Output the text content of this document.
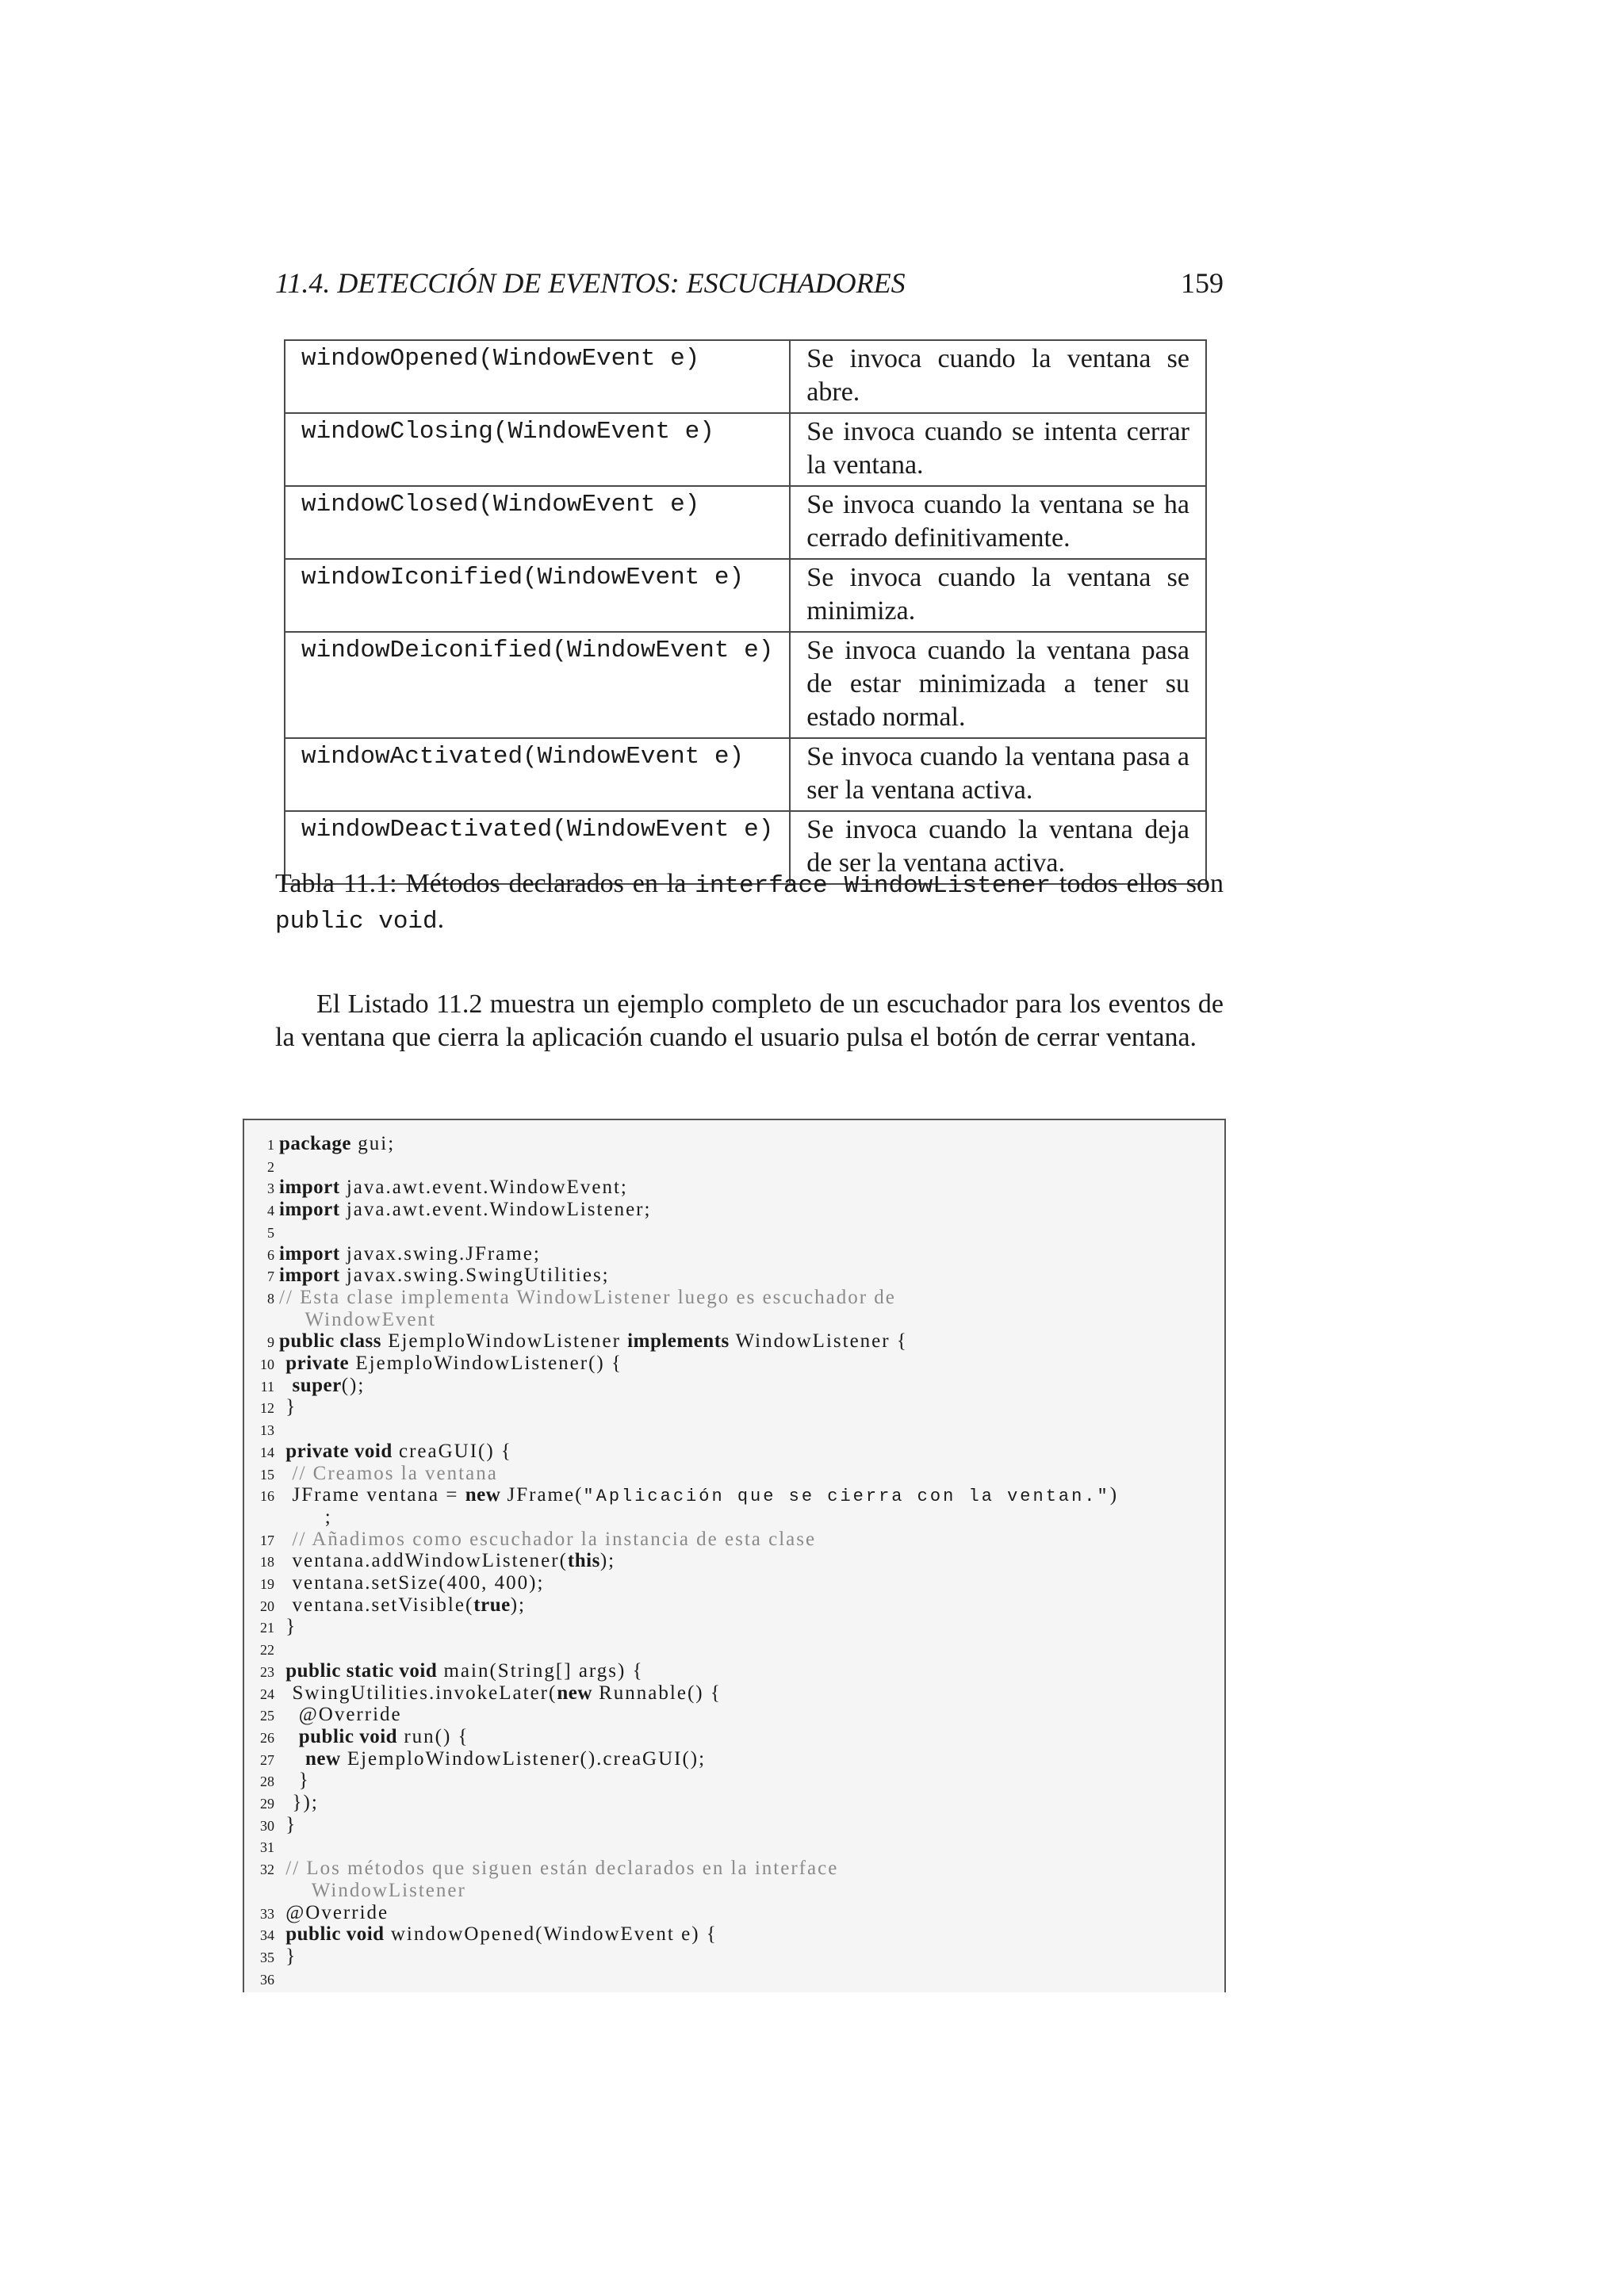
11.4. DETECCIÓN DE EVENTOS: ESCUCHADORES	159
windowOpened(WindowEvent e)	Se invoca cuando la ventana se abre.
windowClosing(WindowEvent e)	Se invoca cuando se intenta cerrar la ventana.
windowClosed(WindowEvent e)	Se invoca cuando la ventana se ha cerrado definitivamente.
windowIconified(WindowEvent e)	Se invoca cuando la ventana se minimiza.
windowDeiconified(WindowEvent e)	Se invoca cuando la ventana pasa de estar minimizada a tener su estado normal.
windowActivated(WindowEvent e)	Se invoca cuando la ventana pasa a ser la ventana activa.
windowDeactivated(WindowEvent e)	Se invoca cuando la ventana deja de ser la ventana activa.
Tabla 11.1: Métodos declarados en la interface WindowListener todos ellos son public void.
El Listado 11.2 muestra un ejemplo completo de un escuchador para los eventos de la ventana que cierra la aplicación cuando el usuario pulsa el botón de cerrar ventana.
1 package gui;
2
3 import java.awt.event.WindowEvent;
4 import java.awt.event.WindowListener;
5
6 import javax.swing.JFrame;
7 import javax.swing.SwingUtilities;
8 // Esta clase implementa WindowListener luego es escuchador de
WindowEvent
9 public class EjemploWindowListener implements WindowListener {
10 private EjemploWindowListener() {
11 super();
12 }
13
14 private void creaGUI() {
15 // Creamos la ventana
16  JFrame ventana = new JFrame("Aplicación que se cierra con la ventan.")
;
17 // Añadimos como escuchador la instancia de esta clase
18  ventana.addWindowListener(this);
19  ventana.setSize(400, 400);
20  ventana.setVisible(true);
21 }
22
23 public static void main(String[] args) {
24  SwingUtilities.invokeLater(new Runnable() {
25   @Override
26 public void run() {
27 new EjemploWindowListener().creaGUI();
28   }
29  });
30 }
31
32 // Los métodos que siguen están declarados en la interface
WindowListener
33 @Override
34 public void windowOpened(WindowEvent e) {
35 }
36
